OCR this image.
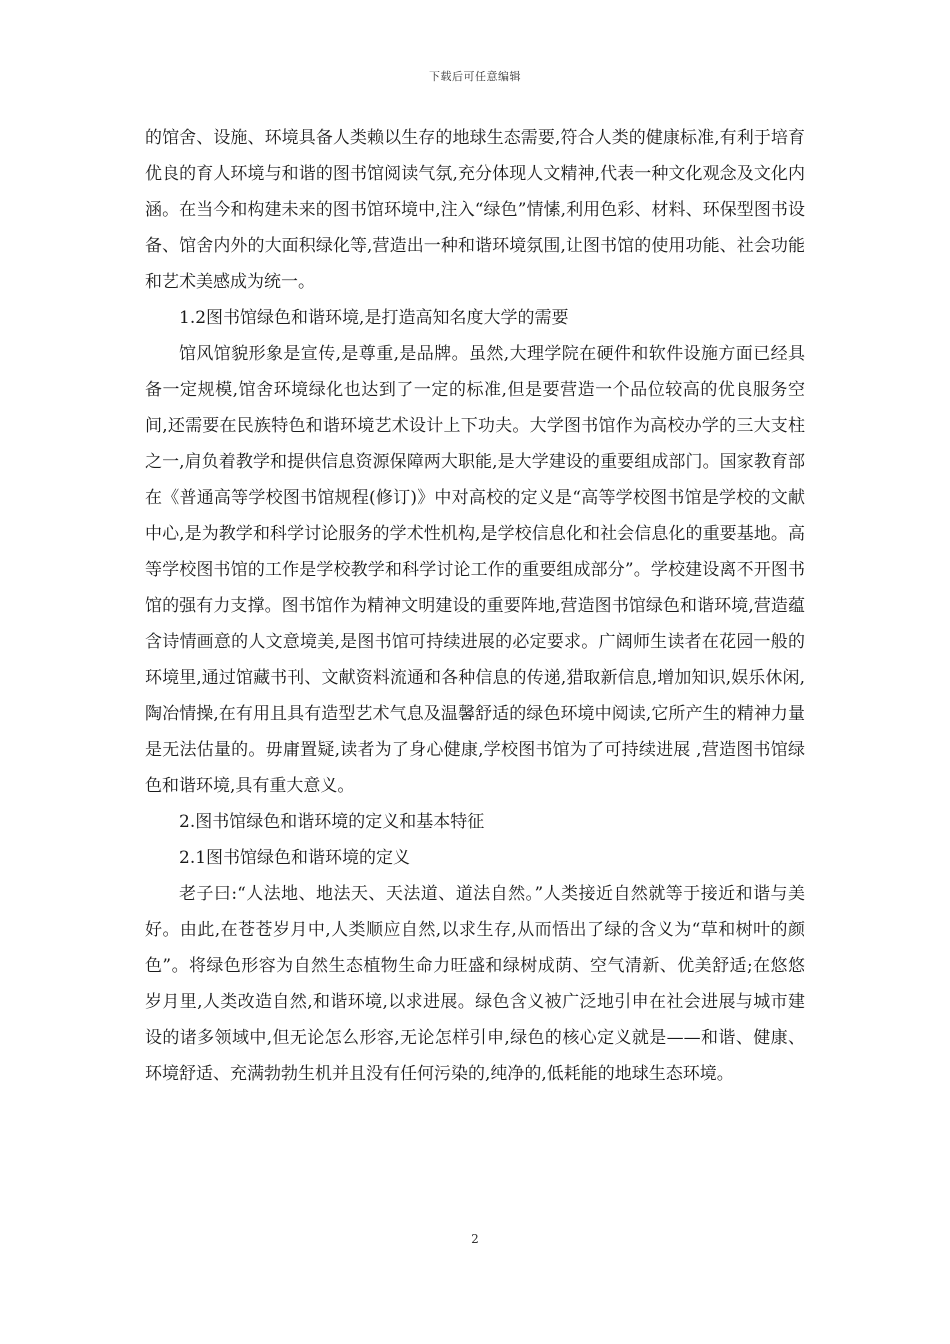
下载后可任意编辑

的馆舍、设施、环境具备人类赖以生存的地球生态需要,符合人类的健康标准,有利于培育优良的育人环境与和谐的图书馆阅读气氛,充分体现人文精神,代表一种文化观念及文化内涵。在当今和构建未来的图书馆环境中,注入“绿色”情愫,利用色彩、材料、环保型图书设备、馆舍内外的大面积绿化等,营造出一种和谐环境氛围,让图书馆的使用功能、社会功能和艺术美感成为统一。

1.2图书馆绿色和谐环境,是打造高知名度大学的需要

馆风馆貌形象是宣传,是尊重,是品牌。虽然,大理学院在硬件和软件设施方面已经具备一定规模,馆舍环境绿化也达到了一定的标准,但是要营造一个品位较高的优良服务空间,还需要在民族特色和谐环境艺术设计上下功夫。大学图书馆作为高校办学的三大支柱之一,肩负着教学和提供信息资源保障两大职能,是大学建设的重要组成部门。国家教育部在《普通高等学校图书馆规程(修订)》中对高校的定义是“高等学校图书馆是学校的文献中心,是为教学和科学讨论服务的学术性机构,是学校信息化和社会信息化的重要基地。高等学校图书馆的工作是学校教学和科学讨论工作的重要组成部分”。学校建设离不开图书馆的强有力支撑。图书馆作为精神文明建设的重要阵地,营造图书馆绿色和谐环境,营造蕴含诗情画意的人文意境美,是图书馆可持续进展的必定要求。广阔师生读者在花园一般的环境里,通过馆藏书刊、文献资料流通和各种信息的传递,猎取新信息,增加知识,娱乐休闲,陶冶情操,在有用且具有造型艺术气息及温馨舒适的绿色环境中阅读,它所产生的精神力量是无法估量的。毋庸置疑,读者为了身心健康,学校图书馆为了可持续进展 ,营造图书馆绿色和谐环境,具有重大意义。

2.图书馆绿色和谐环境的定义和基本特征

2.1图书馆绿色和谐环境的定义

老子曰:“人法地、地法天、天法道、道法自然。”人类接近自然就等于接近和谐与美好。由此,在苍苍岁月中,人类顺应自然,以求生存,从而悟出了绿的含义为“草和树叶的颜色”。将绿色形容为自然生态植物生命力旺盛和绿树成荫、空气清新、优美舒适;在悠悠岁月里,人类改造自然,和谐环境,以求进展。绿色含义被广泛地引申在社会进展与城市建设的诸多领域中,但无论怎么形容,无论怎样引申,绿色的核心定义就是——和谐、健康、环境舒适、充满勃勃生机并且没有任何污染的,纯净的,低耗能的地球生态环境。

2
